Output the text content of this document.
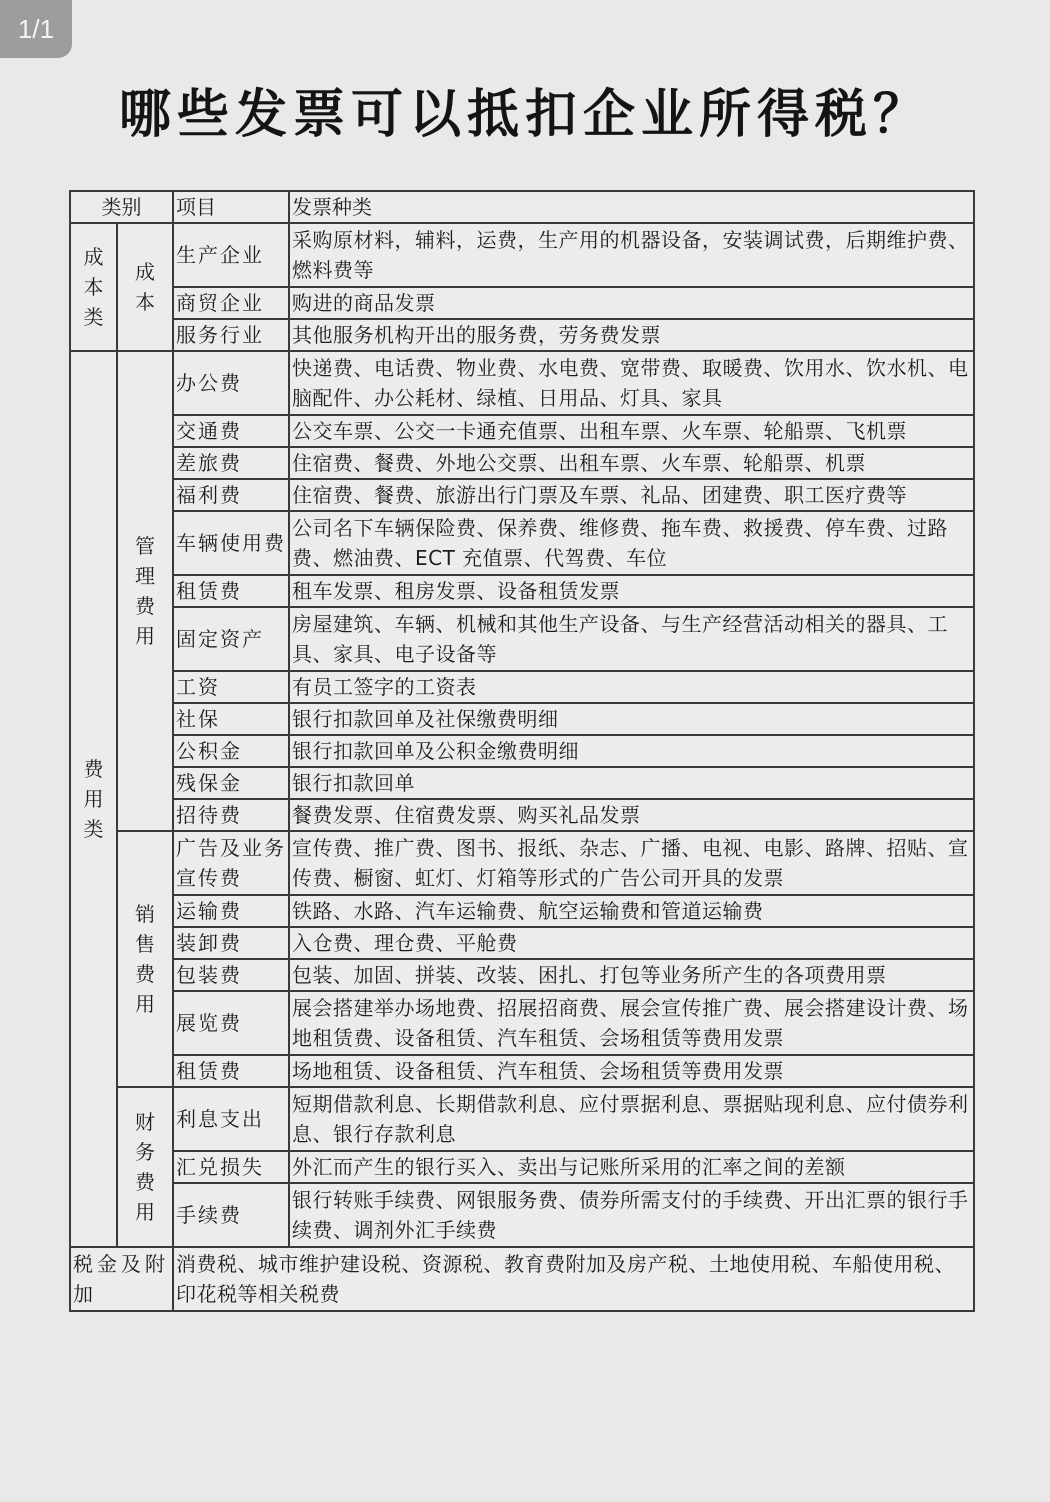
1/1
哪些发票可以抵扣企业所得税？
类别		项目	发票种类
成本类	成本	生产企业	采购原材料，辅料，运费，生产用的机器设备，安装调试费，后期维护费、燃料费等
		商贸企业	购进的商品发票
		服务行业	其他服务机构开出的服务费，劳务费发票
费用类	管理费用	办公费	快递费、电话费、物业费、水电费、宽带费、取暖费、饮用水、饮水机、电脑配件、办公耗材、绿植、日用品、灯具、家具
		交通费	公交车票、公交一卡通充值票、出租车票、火车票、轮船票、飞机票
		差旅费	住宿费、餐费、外地公交票、出租车票、火车票、轮船票、机票
		福利费	住宿费、餐费、旅游出行门票及车票、礼品、团建费、职工医疗费等
		车辆使用费	公司名下车辆保险费、保养费、维修费、拖车费、救援费、停车费、过路费、燃油费、ECT 充值票、代驾费、车位
		租赁费	租车发票、租房发票、设备租赁发票
		固定资产	房屋建筑、车辆、机械和其他生产设备、与生产经营活动相关的器具、工具、家具、电子设备等
		工资	有员工签字的工资表
		社保	银行扣款回单及社保缴费明细
		公积金	银行扣款回单及公积金缴费明细
		残保金	银行扣款回单
		招待费	餐费发票、住宿费发票、购买礼品发票
	销售费用	广告及业务宣传费	宣传费、推广费、图书、报纸、杂志、广播、电视、电影、路牌、招贴、宣传费、橱窗、虹灯、灯箱等形式的广告公司开具的发票
		运输费	铁路、水路、汽车运输费、航空运输费和管道运输费
		装卸费	入仓费、理仓费、平舱费
		包装费	包装、加固、拼装、改装、困扎、打包等业务所产生的各项费用票
		展览费	展会搭建举办场地费、招展招商费、展会宣传推广费、展会搭建设计费、场地租赁费、设备租赁、汽车租赁、会场租赁等费用发票
		租赁费	场地租赁、设备租赁、汽车租赁、会场租赁等费用发票
	财务费用	利息支出	短期借款利息、长期借款利息、应付票据利息、票据贴现利息、应付债券利息、银行存款利息
		汇兑损失	外汇而产生的银行买入、卖出与记账所采用的汇率之间的差额
		手续费	银行转账手续费、网银服务费、债券所需支付的手续费、开出汇票的银行手续费、调剂外汇手续费
税金及附加		消费税、城市维护建设税、资源税、教育费附加及房产税、土地使用税、车船使用税、印花税等相关税费	
